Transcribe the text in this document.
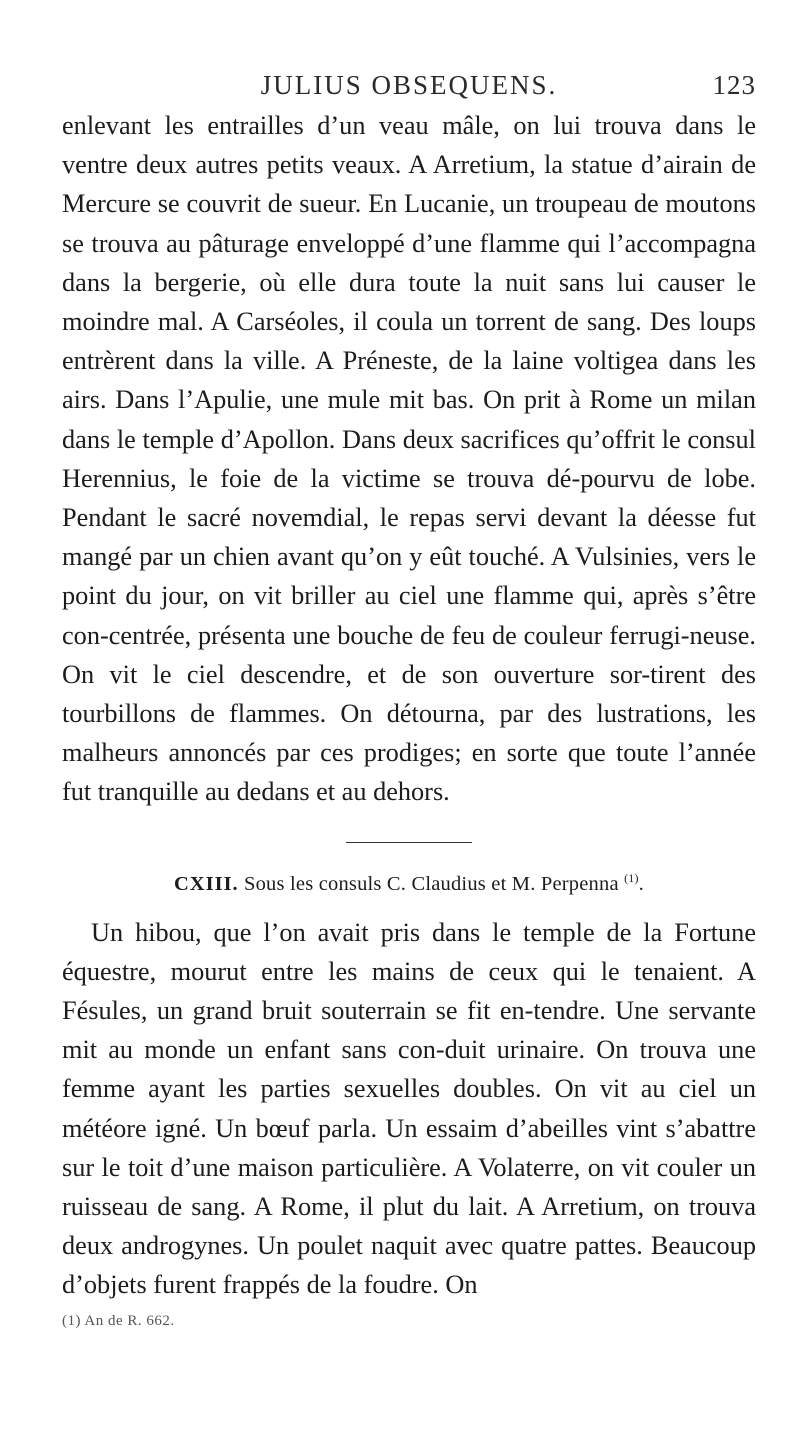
JULIUS OBSEQUENS.	123

enlevant les entrailles d’un veau mâle, on lui trouva dans le ventre deux autres petits veaux. A Arretium, la statue d’airain de Mercure se couvrit de sueur. En Lucanie, un troupeau de moutons se trouva au pâturage enveloppé d’une flamme qui l’accompagna dans la bergerie, où elle dura toute la nuit sans lui causer le moindre mal. A Carséoles, il coula un torrent de sang. Des loups entrèrent dans la ville. A Préneste, de la laine voltigea dans les airs. Dans l’Apulie, une mule mit bas. On prit à Rome un milan dans le temple d’Apollon. Dans deux sacrifices qu’offrit le consul Herennius, le foie de la victime se trouva dé-pourvu de lobe. Pendant le sacré novemdial, le repas servi devant la déesse fut mangé par un chien avant qu’on y eût touché. A Vulsinies, vers le point du jour, on vit briller au ciel une flamme qui, après s’être con-centrée, présenta une bouche de feu de couleur ferrugi-neuse. On vit le ciel descendre, et de son ouverture sor-tirent des tourbillons de flammes. On détourna, par des lustrations, les malheurs annoncés par ces prodiges; en sorte que toute l’année fut tranquille au dedans et au dehors.

CXIII. Sous les consuls C. Claudius et M. Perpenna $^{(1)}$.

Un hibou, que l’on avait pris dans le temple de la Fortune équestre, mourut entre les mains de ceux qui le tenaient. A Fésules, un grand bruit souterrain se fit en-tendre. Une servante mit au monde un enfant sans con-duit urinaire. On trouva une femme ayant les parties sexuelles doubles. On vit au ciel un météore igné. Un bœuf parla. Un essaim d’abeilles vint s’abattre sur le toit d’une maison particulière. A Volaterre, on vit couler un ruisseau de sang. A Rome, il plut du lait. A Arretium, on trouva deux androgynes. Un poulet naquit avec quatre pattes. Beaucoup d’objets furent frappés de la foudre. On

(1) An de R. 662.
